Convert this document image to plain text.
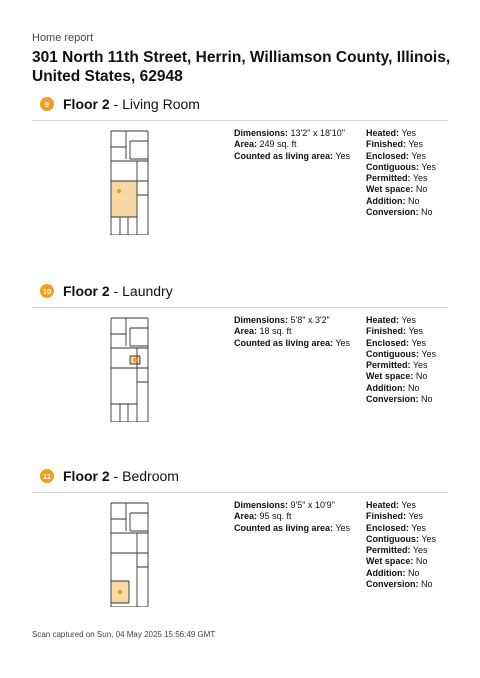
Home report
301 North 11th Street, Herrin, Williamson County, Illinois, United States, 62948
9 Floor 2 - Living Room
Dimensions: 13'2" x 18'10"
Area: 249 sq. ft
Counted as living area: Yes
Heated: Yes
Finished: Yes
Enclosed: Yes
Contiguous: Yes
Permitted: Yes
Wet space: No
Addition: No
Conversion: No
10 Floor 2 - Laundry
Dimensions: 5'8" x 3'2"
Area: 18 sq. ft
Counted as living area: Yes
Heated: Yes
Finished: Yes
Enclosed: Yes
Contiguous: Yes
Permitted: Yes
Wet space: No
Addition: No
Conversion: No
11 Floor 2 - Bedroom
Dimensions: 9'5" x 10'9"
Area: 95 sq. ft
Counted as living area: Yes
Heated: Yes
Finished: Yes
Enclosed: Yes
Contiguous: Yes
Permitted: Yes
Wet space: No
Addition: No
Conversion: No
Scan captured on Sun, 04 May 2025 15:56:49 GMT
